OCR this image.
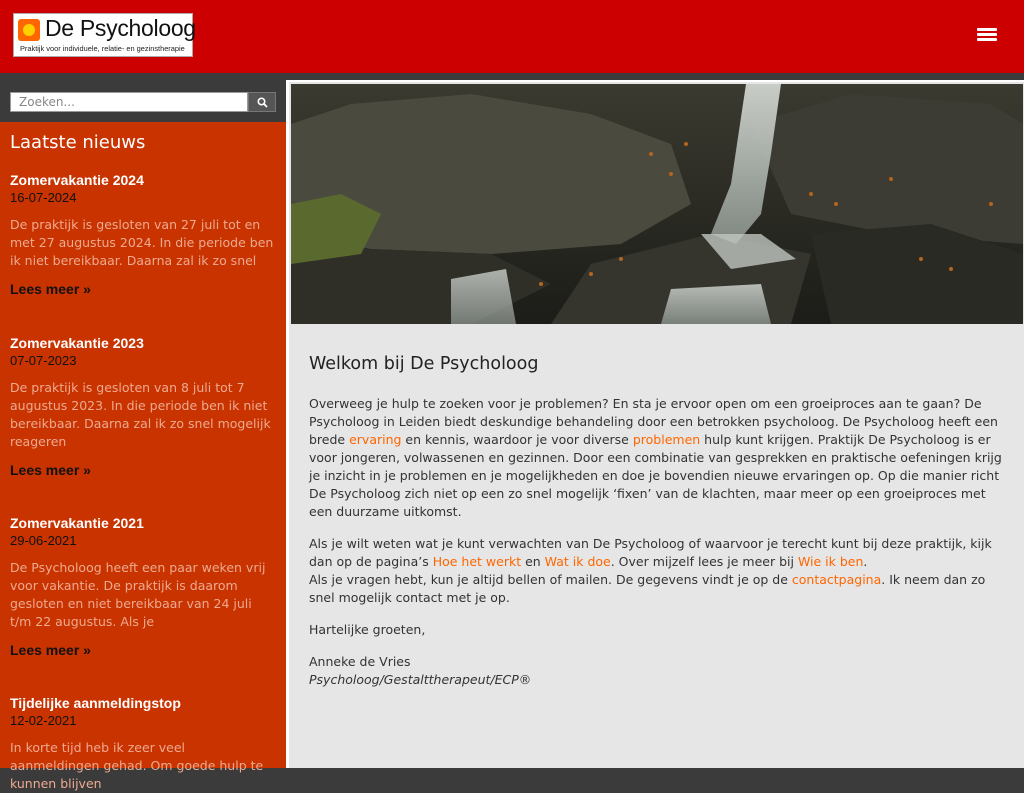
De Psycholoog
Praktijk voor individuele, relatie- en gezinstherapie
Zoeken...
Laatste nieuws
Zomervakantie 2024
16-07-2024
De praktijk is gesloten van 27 juli tot en met 27 augustus 2024. In die periode ben ik niet bereikbaar. Daarna zal ik zo snel
Lees meer »
Zomervakantie 2023
07-07-2023
De praktijk is gesloten van 8 juli tot 7 augustus 2023. In die periode ben ik niet bereikbaar. Daarna zal ik zo snel mogelijk reageren
Lees meer »
Zomervakantie 2021
29-06-2021
De Psycholoog heeft een paar weken vrij voor vakantie. De praktijk is daarom gesloten en niet bereikbaar van 24 juli t/m 22 augustus. Als je
Lees meer »
Tijdelijke aanmeldingstop
12-02-2021
In korte tijd heb ik zeer veel aanmeldingen gehad. Om goede hulp te kunnen blijven
Welkom bij De Psycholoog

Overweeg je hulp te zoeken voor je problemen? En sta je ervoor open om een groeiproces aan te gaan? De Psycholoog in Leiden biedt deskundige behandeling door een betrokken psycholoog. De Psycholoog heeft een brede ervaring en kennis, waardoor je voor diverse problemen hulp kunt krijgen. Praktijk De Psycholoog is er voor jongeren, volwassenen en gezinnen. Door een combinatie van gesprekken en praktische oefeningen krijg je inzicht in je problemen en je mogelijkheden en doe je bovendien nieuwe ervaringen op. Op die manier richt De Psycholoog zich niet op een zo snel mogelijk ‘fixen’ van de klachten, maar meer op een groeiproces met een duurzame uitkomst.

Als je wilt weten wat je kunt verwachten van De Psycholoog of waarvoor je terecht kunt bij deze praktijk, kijk dan op de pagina’s Hoe het werkt en Wat ik doe. Over mijzelf lees je meer bij Wie ik ben.
Als je vragen hebt, kun je altijd bellen of mailen. De gegevens vindt je op de contactpagina. Ik neem dan zo snel mogelijk contact met je op.

Hartelijke groeten,

Anneke de Vries
Psycholoog/Gestalttherapeut/ECP®
